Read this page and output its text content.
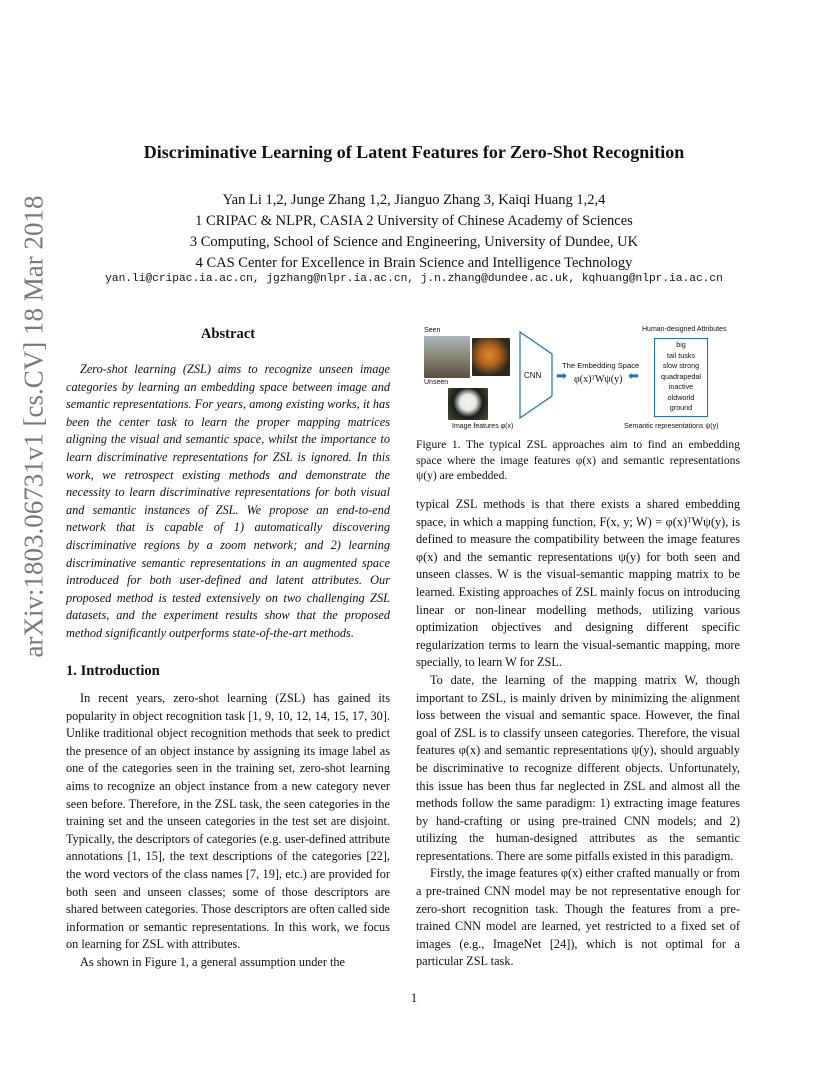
arXiv:1803.06731v1 [cs.CV] 18 Mar 2018
Discriminative Learning of Latent Features for Zero-Shot Recognition
Yan Li 1,2, Junge Zhang 1,2, Jianguo Zhang 3, Kaiqi Huang 1,2,4
1 CRIPAC & NLPR, CASIA 2 University of Chinese Academy of Sciences
3 Computing, School of Science and Engineering, University of Dundee, UK
4 CAS Center for Excellence in Brain Science and Intelligence Technology
yan.li@cripac.ia.ac.cn, jgzhang@nlpr.ia.ac.cn, j.n.zhang@dundee.ac.uk, kqhuang@nlpr.ia.ac.cn
Abstract

Zero-shot learning (ZSL) aims to recognize unseen image categories by learning an embedding space between image and semantic representations. For years, among existing works, it has been the center task to learn the proper mapping matrices aligning the visual and semantic space, whilst the importance to learn discriminative representations for ZSL is ignored. In this work, we retrospect existing methods and demonstrate the necessity to learn discriminative representations for both visual and semantic instances of ZSL. We propose an end-to-end network that is capable of 1) automatically discovering discriminative regions by a zoom network; and 2) learning discriminative semantic representations in an augmented space introduced for both user-defined and latent attributes. Our proposed method is tested extensively on two challenging ZSL datasets, and the experiment results show that the proposed method significantly outperforms state-of-the-art methods.

1. Introduction

In recent years, zero-shot learning (ZSL) has gained its popularity in object recognition task [1, 9, 10, 12, 14, 15, 17, 30]. Unlike traditional object recognition methods that seek to predict the presence of an object instance by assigning its image label as one of the categories seen in the training set, zero-shot learning aims to recognize an object instance from a new category never seen before. Therefore, in the ZSL task, the seen categories in the training set and the unseen categories in the test set are disjoint. Typically, the descriptors of categories (e.g. user-defined attribute annotations [1, 15], the text descriptions of the categories [22], the word vectors of the class names [7, 19], etc.) are provided for both seen and unseen classes; some of those descriptors are shared between categories. Those descriptors are often called side information or semantic representations. In this work, we focus on learning for ZSL with attributes.

As shown in Figure 1, a general assumption under the

Seen
Unseen
Image features φ(x)
CNN ➡
The Embedding Space
φ(x)ᵀWψ(y) ⬅
Human-designed Attributes
big
tail tusks
slow strong
quadrapedal
inactive
oldworld
ground
Semantic representations ψ(y)
Figure 1. The typical ZSL approaches aim to find an embedding space where the image features φ(x) and semantic representations ψ(y) are embedded.

typical ZSL methods is that there exists a shared embedding space, in which a mapping function, F(x, y; W) = φ(x)ᵀWψ(y), is defined to measure the compatibility between the image features φ(x) and the semantic representations ψ(y) for both seen and unseen classes. W is the visual-semantic mapping matrix to be learned. Existing approaches of ZSL mainly focus on introducing linear or non-linear modelling methods, utilizing various optimization objectives and designing different specific regularization terms to learn the visual-semantic mapping, more specially, to learn W for ZSL.

To date, the learning of the mapping matrix W, though important to ZSL, is mainly driven by minimizing the alignment loss between the visual and semantic space. However, the final goal of ZSL is to classify unseen categories. Therefore, the visual features φ(x) and semantic representations ψ(y), should arguably be discriminative to recognize different objects. Unfortunately, this issue has been thus far neglected in ZSL and almost all the methods follow the same paradigm: 1) extracting image features by hand-crafting or using pre-trained CNN models; and 2) utilizing the human-designed attributes as the semantic representations. There are some pitfalls existed in this paradigm.

Firstly, the image features φ(x) either crafted manually or from a pre-trained CNN model may be not representative enough for zero-short recognition task. Though the features from a pre-trained CNN model are learned, yet restricted to a fixed set of images (e.g., ImageNet [24]), which is not optimal for a particular ZSL task.

1
